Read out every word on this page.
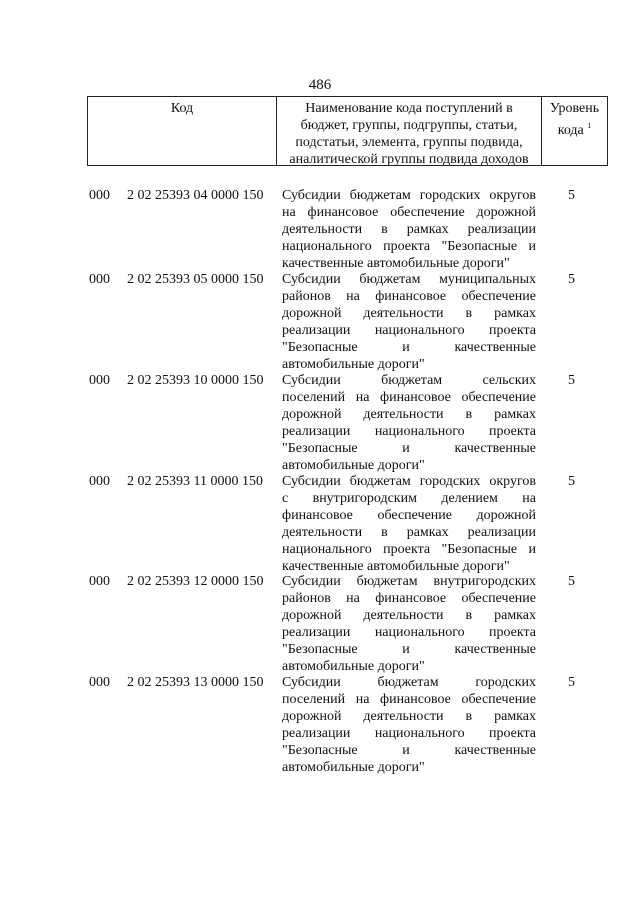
486
Код	Наименование кода поступлений в
бюджет, группы, подгруппы, статьи,
подстатьи, элемента, группы подвида,
аналитической группы подвида доходов
Уровень
кода $^1$
000 2 02 25393 04 0000 150 Субсидии бюджетам городских округов
на финансовое обеспечение дорожной
деятельности в рамках реализации
национального проекта "Безопасные и
качественные автомобильные дороги"
5
000 2 02 25393 05 0000 150 Субсидии бюджетам муниципальных
районов на финансовое обеспечение
дорожной деятельности в рамках
реализации национального проекта
"Безопасные и качественные
автомобильные дороги"
5
000 2 02 25393 10 0000 150 Субсидии бюджетам сельских
поселений на финансовое обеспечение
дорожной деятельности в рамках
реализации национального проекта
"Безопасные и качественные
автомобильные дороги"
5
000 2 02 25393 11 0000 150 Субсидии бюджетам городских округов
с внутригородским делением на
финансовое обеспечение дорожной
деятельности в рамках реализации
национального проекта "Безопасные и
качественные автомобильные дороги"
5
000 2 02 25393 12 0000 150 Субсидии бюджетам внутригородских
районов на финансовое обеспечение
дорожной деятельности в рамках
реализации национального проекта
"Безопасные и качественные
автомобильные дороги"
5
000 2 02 25393 13 0000 150 Субсидии бюджетам городских
поселений на финансовое обеспечение
дорожной деятельности в рамках
реализации национального проекта
"Безопасные и качественные
автомобильные дороги"
5
